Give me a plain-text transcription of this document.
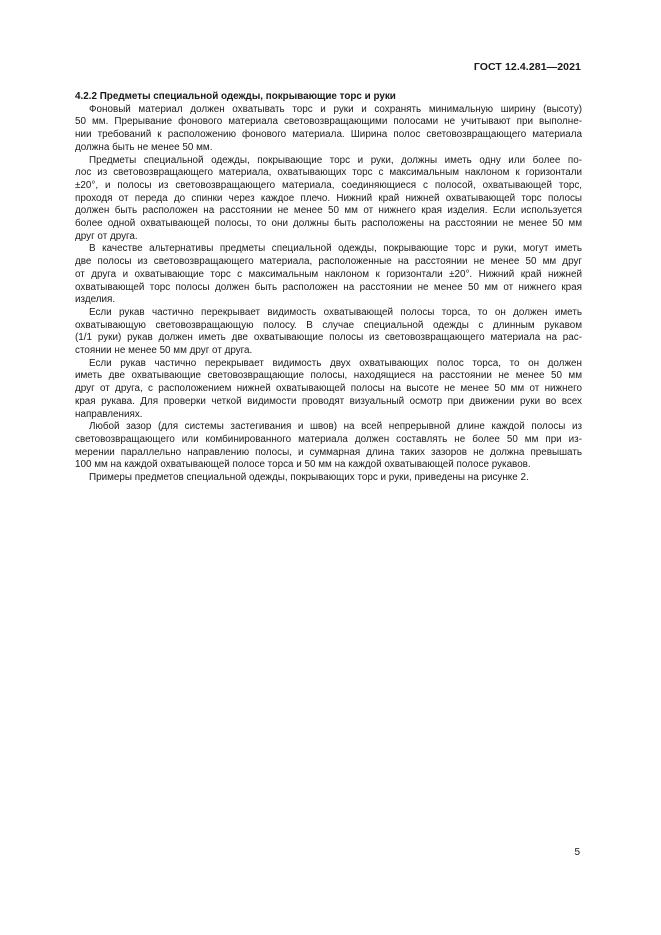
ГОСТ 12.4.281—2021

4.2.2 Предметы специальной одежды, покрывающие торс и руки

Фоновый материал должен охватывать торс и руки и сохранять минимальную ширину (высоту)
50 мм. Прерывание фонового материала световозвращающими полосами не учитывают при выполне-
нии требований к расположению фонового материала. Ширина полос световозвращающего материала
должна быть не менее 50 мм.
Предметы специальной одежды, покрывающие торс и руки, должны иметь одну или более по-
лос из световозвращающего материала, охватывающих торс с максимальным наклоном к горизонтали
±20°, и полосы из световозвращающего материала, соединяющиеся с полосой, охватывающей торс,
проходя от переда до спинки через каждое плечо. Нижний край нижней охватывающей торс полосы
должен быть расположен на расстоянии не менее 50 мм от нижнего края изделия. Если используется
более одной охватывающей полосы, то они должны быть расположены на расстоянии не менее 50 мм
друг от друга.
В качестве альтернативы предметы специальной одежды, покрывающие торс и руки, могут иметь
две полосы из световозвращающего материала, расположенные на расстоянии не менее 50 мм друг
от друга и охватывающие торс с максимальным наклоном к горизонтали ±20°. Нижний край нижней
охватывающей торс полосы должен быть расположен на расстоянии не менее 50 мм от нижнего края
изделия.
Если рукав частично перекрывает видимость охватывающей полосы торса, то он должен иметь
охватывающую световозвращающую полосу. В случае специальной одежды с длинным рукавом
(1/1 руки) рукав должен иметь две охватывающие полосы из световозвращающего материала на рас-
стоянии не менее 50 мм друг от друга.
Если рукав частично перекрывает видимость двух охватывающих полос торса, то он должен
иметь две охватывающие световозвращающие полосы, находящиеся на расстоянии не менее 50 мм
друг от друга, с расположением нижней охватывающей полосы на высоте не менее 50 мм от нижнего
края рукава. Для проверки четкой видимости проводят визуальный осмотр при движении руки во всех
направлениях.
Любой зазор (для системы застегивания и швов) на всей непрерывной длине каждой полосы из
световозвращающего или комбинированного материала должен составлять не более 50 мм при из-
мерении параллельно направлению полосы, и суммарная длина таких зазоров не должна превышать
100 мм на каждой охватывающей полосе торса и 50 мм на каждой охватывающей полосе рукавов.
Примеры предметов специальной одежды, покрывающих торс и руки, приведены на рисунке 2.
5
